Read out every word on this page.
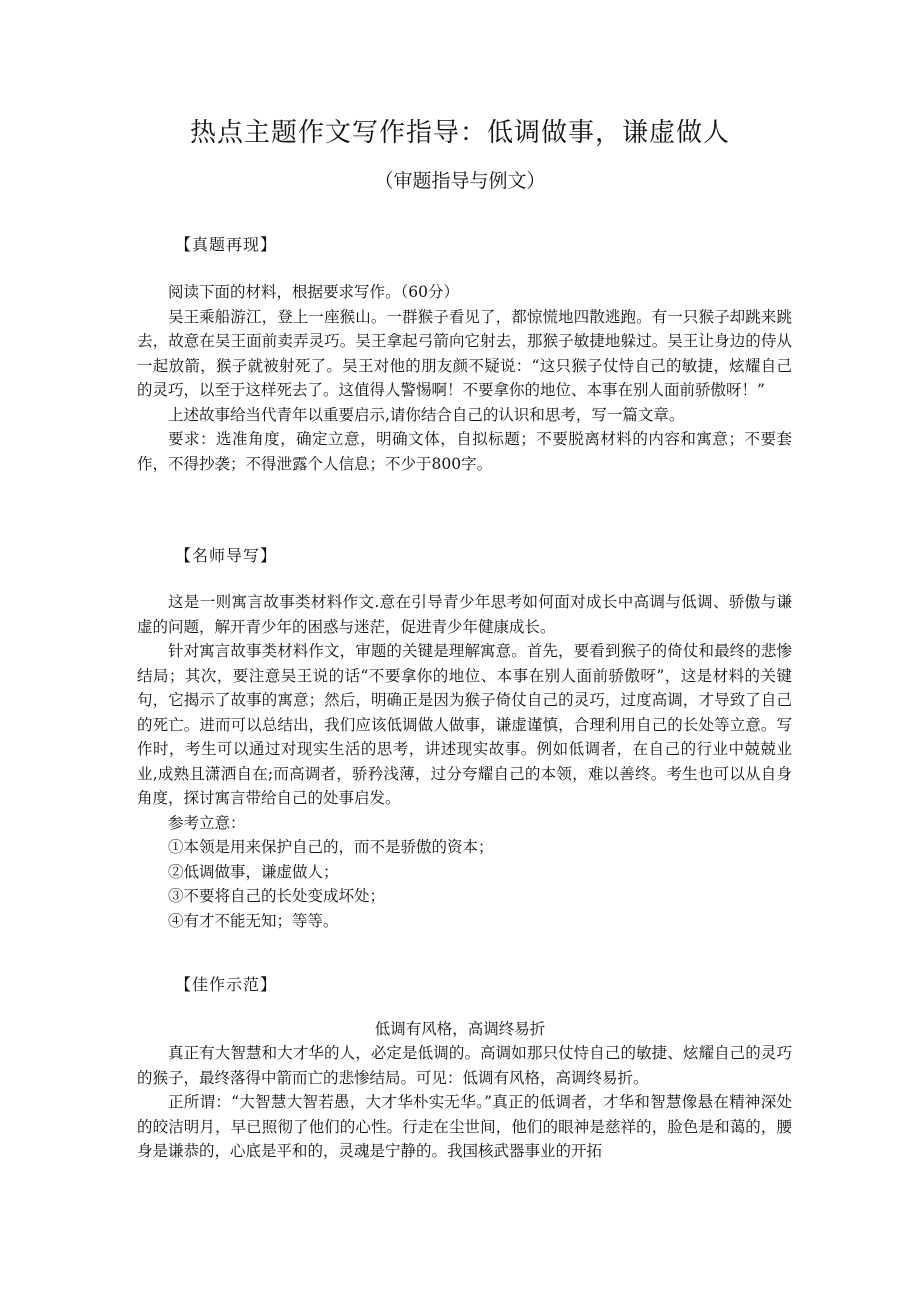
热点主题作文写作指导：低调做事，谦虚做人
（审题指导与例文）
【真题再现】

阅读下面的材料，根据要求写作。（60分）

吴王乘船游江，登上一座猴山。一群猴子看见了，都惊慌地四散逃跑。有一只猴子却跳来跳去，故意在吴王面前卖弄灵巧。吴王拿起弓箭向它射去，那猴子敏捷地躲过。吴王让身边的侍从一起放箭，猴子就被射死了。吴王对他的朋友颜不疑说：“这只猴子仗恃自己的敏捷，炫耀自己的灵巧，以至于这样死去了。这值得人警惕啊！不要拿你的地位、本事在别人面前骄傲呀！”

上述故事给当代青年以重要启示,请你结合自己的认识和思考，写一篇文章。

要求：选准角度，确定立意，明确文体，自拟标题；不要脱离材料的内容和寓意；不要套作，不得抄袭；不得泄露个人信息；不少于800字。

【名师导写】

这是一则寓言故事类材料作文.意在引导青少年思考如何面对成长中高调与低调、骄傲与谦虚的问题，解开青少年的困惑与迷茫，促进青少年健康成长。

针对寓言故事类材料作文，审题的关键是理解寓意。首先，要看到猴子的倚仗和最终的悲惨结局；其次，要注意吴王说的话“不要拿你的地位、本事在别人面前骄傲呀”，这是材料的关键句，它揭示了故事的寓意；然后，明确正是因为猴子倚仗自己的灵巧，过度高调，才导致了自己的死亡。进而可以总结出，我们应该低调做人做事，谦虚谨慎，合理利用自己的长处等立意。写作时，考生可以通过对现实生活的思考，讲述现实故事。例如低调者，在自己的行业中兢兢业业,成熟且潇洒自在;而高调者，骄矜浅薄，过分夸耀自己的本领，难以善终。考生也可以从自身角度，探讨寓言带给自己的处事启发。

参考立意：

①本领是用来保护自己的，而不是骄傲的资本；

②低调做事，谦虚做人；

③不要将自己的长处变成坏处；

④有才不能无知；等等。

【佳作示范】
低调有风格，高调终易折

真正有大智慧和大才华的人，必定是低调的。高调如那只仗恃自己的敏捷、炫耀自己的灵巧的猴子，最终落得中箭而亡的悲惨结局。可见：低调有风格，高调终易折。

正所谓：“大智慧大智若愚，大才华朴实无华。”真正的低调者，才华和智慧像悬在精神深处的皎洁明月，早已照彻了他们的心性。行走在尘世间，他们的眼神是慈祥的，脸色是和蔼的，腰身是谦恭的，心底是平和的，灵魂是宁静的。我国核武器事业的开拓
